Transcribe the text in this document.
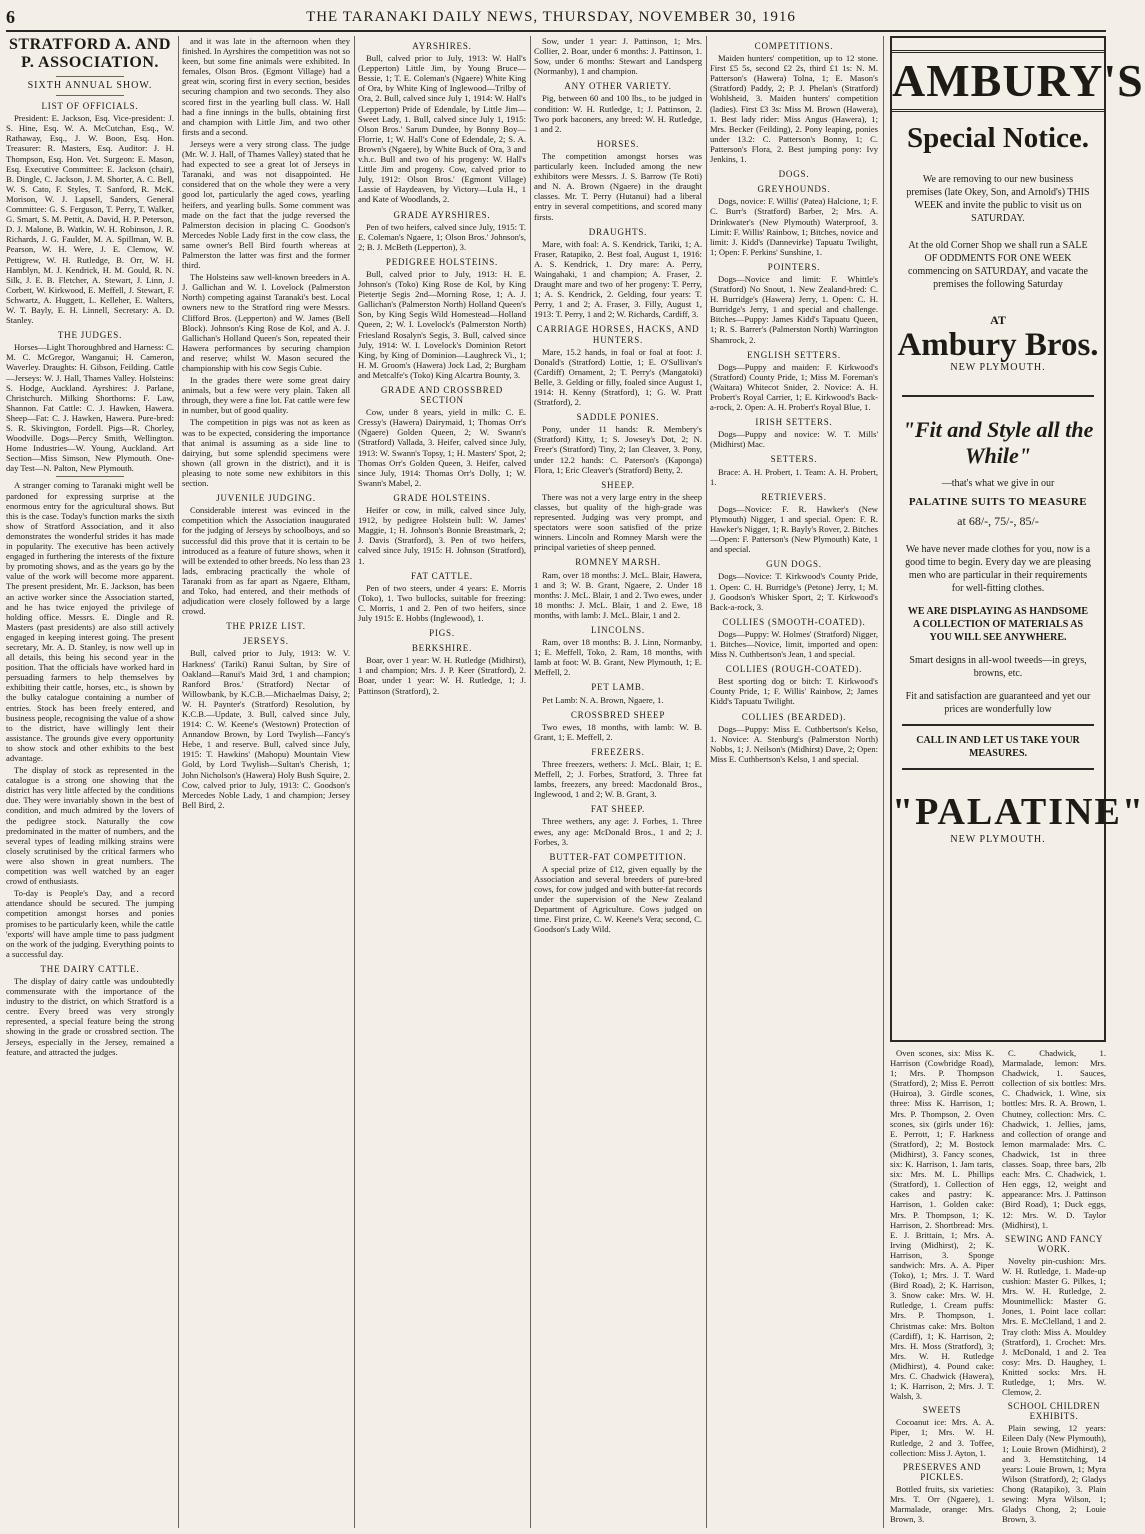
6	THE TARANAKI DAILY NEWS, THURSDAY, NOVEMBER 30, 1916
STRATFORD A. AND P. ASSOCIATION.
SIXTH ANNUAL SHOW.
LIST OF OFFICIALS.

President: E. Jackson, Esq. Vice-president: J. S. Hine, Esq. W. A. McCutchan, Esq., W. Rathaway, Esq., J. W. Boon, Esq. Hon. Treasurer: R. Masters, Esq. Auditor: J. H. Thompson, Esq. Hon. Vet. Surgeon: E. Mason, Esq. Executive Committee: E. Jackson (chair), B. Dingle, C. Jackson, J. M. Shorter, A. C. Bell, W. S. Cato, F. Styles, T. Sanford, R. McK. Morison, W. J. Lapsell, Sanders, General Committee: G. S. Ferguson, T. Perry, T. Walker, G. Smart, S. M. Pettit, A. David, H. P. Peterson, D. J. Malone, B. Watkin, W. H. Robinson, J. R. Richards, J. G. Faulder, M. A. Spillman, W. B. Pearson, W. H. Were, J. E. Clemow, W. Pettigrew, W. H. Rutledge, B. Orr, W. H. Hamblyn, M. J. Kendrick, H. M. Gould, R. N. Silk, J. E. B. Fletcher, A. Stewart, J. Linn, J. Corbett, W. Kirkwood, E. Meffell, J. Stewart, F. Schwartz, A. Huggett, L. Kelleher, E. Walters, W. T. Bayly, E. H. Linnell, Secretary: A. D. Stanley.

THE JUDGES.

Horses—Light Thoroughbred and Harness: C. M. C. McGregor, Wanganui; H. Cameron, Waverley. Draughts: H. Gibson, Feilding. Cattle—Jerseys: W. J. Hall, Thames Valley. Holsteins: S. Hodge, Auckland. Ayrshires: J. Parlane, Christchurch. Milking Shorthorns: F. Law, Shannon. Fat Cattle: C. J. Hawken, Hawera. Sheep—Fat: C. J. Hawken, Hawera. Pure-bred: S. R. Skivington, Fordell. Pigs—R. Chorley, Woodville. Dogs—Percy Smith, Wellington. Home Industries—W. Young, Auckland. Art Section—Miss Simson, New Plymouth. One-day Test—N. Palton, New Plymouth.

A stranger coming to Taranaki might well be pardoned for expressing surprise at the enormous entry for the agricultural shows. But this is the case. Today's function marks the sixth show of Stratford Association, and it also demonstrates the wonderful strides it has made in popularity. The executive has been actively engaged in furthering the interests of the fixture by promoting shows, and as the years go by the value of the work will become more apparent. The present president, Mr. E. Jackson, has been an active worker since the Association started, and he has twice enjoyed the privilege of holding office. Messrs. E. Dingle and R. Masters (past presidents) are also still actively engaged in keeping interest going. The present secretary, Mr. A. D. Stanley, is now well up in all details, this being his second year in the position. That the officials have worked hard in persuading farmers to help themselves by exhibiting their cattle, horses, etc., is shown by the bulky catalogue containing a number of entries. Stock has been freely entered, and business people, recognising the value of a show to the district, have willingly lent their assistance. The grounds give every opportunity to show stock and other exhibits to the best advantage.

The display of stock as represented in the catalogue is a strong one showing that the district has very little affected by the conditions due. They were invariably shown in the best of condition, and much admired by the lovers of the pedigree stock. Naturally the cow predominated in the matter of numbers, and the several types of leading milking strains were closely scrutinised by the critical farmers who were also shown in great numbers. The competition was well watched by an eager crowd of enthusiasts.

To-day is People's Day, and a record attendance should be secured. The jumping competition amongst horses and ponies promises to be particularly keen, while the cattle 'exports' will have ample time to pass judgment on the work of the judging. Everything points to a successful day.

THE DAIRY CATTLE.

The display of dairy cattle was undoubtedly commensurate with the importance of the industry to the district, on which Stratford is a centre. Every breed was very strongly represented, a special feature being the strong showing in the grade or crossbred section. The Jerseys, especially in the Jersey, remained a feature, and attracted the judges.

and it was late in the afternoon when they finished. In Ayrshires the competition was not so keen, but some fine animals were exhibited. In females, Olson Bros. (Egmont Village) had a great win, scoring first in every section, besides securing champion and two seconds. They also scored first in the yearling bull class. W. Hall had a fine innings in the bulls, obtaining first and champion with Little Jim, and two other firsts and a second.

Jerseys were a very strong class. The judge (Mr. W. J. Hall, of Thames Valley) stated that he had expected to see a great lot of Jerseys in Taranaki, and was not disappointed. He considered that on the whole they were a very good lot, particularly the aged cows, yearling heifers, and yearling bulls. Some comment was made on the fact that the judge reversed the Palmerston decision in placing C. Goodson's Mercedes Noble Lady first in the cow class, the same owner's Bell Bird fourth whereas at Palmerston the latter was first and the former third.

The Holsteins saw well-known breeders in A. J. Gallichan and W. I. Lovelock (Palmerston North) competing against Taranaki's best. Local owners new to the Stratford ring were Messrs. Clifford Bros. (Lepperton) and W. James (Bell Block). Johnson's King Rose de Kol, and A. J. Gallichan's Holland Queen's Son, repeated their Hawera performances by securing champion and reserve; whilst W. Mason secured the championship with his cow Segis Cubie.

In the grades there were some great dairy animals, but a few were very plain. Taken all through, they were a fine lot. Fat cattle were few in number, but of good quality.

The competition in pigs was not as keen as was to be expected, considering the importance that animal is assuming as a side line to dairying, but some splendid specimens were shown (all grown in the district), and it is pleasing to note some new exhibitors in this section.

JUVENILE JUDGING.

Considerable interest was evinced in the competition which the Association inaugurated for the judging of Jerseys by schoolboys, and so successful did this prove that it is certain to be introduced as a feature of future shows, when it will be extended to other breeds. No less than 23 lads, embracing practically the whole of Taranaki from as far apart as Ngaere, Eltham, and Toko, had entered, and their methods of adjudication were closely followed by a large crowd.

THE PRIZE LIST.
JERSEYS.

Bull, calved prior to July, 1913: W. V. Harkness' (Tariki) Ranui Sultan, by Sire of Oakland—Ranui's Maid 3rd, 1 and champion; Ranford Bros.' (Stratford) Nectar of Willowbank, by K.C.B.—Michaelmas Daisy, 2; W. H. Paynter's (Stratford) Resolution, by K.C.B.—Update, 3. Bull, calved since July, 1914: C. W. Keene's (Westown) Protection of Annandow Brown, by Lord Twylish—Fancy's Hebe, 1 and reserve. Bull, calved since July, 1915: T. Hawkins' (Mahopu) Mountain View Gold, by Lord Twylish—Sultan's Cherish, 1; John Nicholson's (Hawera) Holy Bush Squire, 2. Cow, calved prior to July, 1913: C. Goodson's Mercedes Noble Lady, 1 and champion; Jersey Bell Bird, 2.

AYRSHIRES.

Bull, calved prior to July, 1913: W. Hall's (Lepperton) Little Jim, by Young Bruce—Bessie, 1; T. E. Coleman's (Ngaere) White King of Ora, by White King of Inglewood—Trilby of Ora, 2. Bull, calved since July 1, 1914: W. Hall's (Lepperton) Pride of Edendale, by Little Jim—Sweet Lady, 1. Bull, calved since July 1, 1915: Olson Bros.' Sarum Dundee, by Bonny Boy—Florrie, 1; W. Hall's Cone of Edendale, 2; S. A. Brown's (Ngaere), by White Buck of Ora, 3 and v.h.c. Bull and two of his progeny: W. Hall's Little Jim and progeny. Cow, calved prior to July, 1912: Olson Bros.' (Egmont Village) Lassie of Haydeaven, by Victory—Lula H., 1 and Kate of Woodlands, 2.

GRADE AYRSHIRES.

Pen of two heifers, calved since July, 1915: T. E. Coleman's Ngaere, 1; Olson Bros.' Johnson's, 2; B. J. McBeth (Lepperton), 3.

PEDIGREE HOLSTEINS.

Bull, calved prior to July, 1913: H. E. Johnson's (Toko) King Rose de Kol, by King Pietertje Segis 2nd—Morning Rose, 1; A. J. Gallichan's (Palmerston North) Holland Queen's Son, by King Segis Wild Homestead—Holland Queen, 2; W. I. Lovelock's (Palmerston North) Friesland Rosalyn's Segis, 3. Bull, calved since July, 1914: W. I. Lovelock's Dominion Retort King, by King of Dominion—Laughreck Vi., 1; H. M. Groom's (Hawera) Jock Lad, 2; Burgham and Metcalfe's (Toko) King Alcartra Bounty, 3.

GRADE AND CROSSBRED SECTION

Cow, under 8 years, yield in milk: C. E. Cressy's (Hawera) Dairymaid, 1; Thomas Orr's (Ngaere) Golden Queen, 2; W. Swann's (Stratford) Vallada, 3. Heifer, calved since July, 1913: W. Swann's Topsy, 1; H. Masters' Spot, 2; Thomas Orr's Golden Queen, 3. Heifer, calved since July, 1914: Thomas Orr's Dolly, 1; W. Swann's Mabel, 2.

GRADE HOLSTEINS.

Heifer or cow, in milk, calved since July, 1912, by pedigree Holstein bull: W. James' Maggie, 1; H. Johnson's Bonnie Breastmark, 2; J. Davis (Stratford), 3. Pen of two heifers, calved since July, 1915: H. Johnson (Stratford), 1.

FAT CATTLE.

Pen of two steers, under 4 years: E. Morris (Toko), 1. Two bullocks, suitable for freezing: C. Morris, 1 and 2. Pen of two heifers, since July 1915: E. Hobbs (Inglewood), 1.

PIGS.
BERKSHIRE.

Boar, over 1 year: W. H. Rutledge (Midhirst), 1 and champion; Mrs. J. P. Keer (Stratford), 2. Boar, under 1 year: W. H. Rutledge, 1; J. Pattinson (Stratford), 2.

Sow, under 1 year: J. Pattinson, 1; Mrs. Collier, 2. Boar, under 6 months: J. Pattinson, 1. Sow, under 6 months: Stewart and Landsperg (Normanby), 1 and champion.

ANY OTHER VARIETY.

Pig, between 60 and 100 lbs., to be judged in condition: W. H. Rutledge, 1; J. Pattinson, 2. Two pork baconers, any breed: W. H. Rutledge, 1 and 2.

HORSES.

The competition amongst horses was particularly keen. Included among the new exhibitors were Messrs. J. S. Barrow (Te Roti) and N. A. Brown (Ngaere) in the draught classes. Mr. T. Perry (Hutanui) had a liberal entry in several competitions, and scored many firsts.

DRAUGHTS.

Mare, with foal: A. S. Kendrick, Tariki, 1; A. Fraser, Ratapiko, 2. Best foal, August 1, 1916: A. S. Kendrick, 1. Dry mare: A. Perry, Waingahaki, 1 and champion; A. Fraser, 2. Draught mare and two of her progeny: T. Perry, 1; A. S. Kendrick, 2. Gelding, four years: T. Perry, 1 and 2; A. Fraser, 3. Filly, August 1, 1913: T. Perry, 1 and 2; W. Richards, Cardiff, 3.

CARRIAGE HORSES, HACKS, AND HUNTERS.

Mare, 15.2 hands, in foal or foal at foot: J. Donald's (Stratford) Lottie, 1; E. O'Sullivan's (Cardiff) Ornament, 2; T. Perry's (Mangatoki) Belle, 3. Gelding or filly, foaled since August 1, 1914: H. Kenny (Stratford), 1; G. W. Pratt (Stratford), 2.

SADDLE PONIES.

Pony, under 11 hands: R. Membery's (Stratford) Kitty, 1; S. Jowsey's Dot, 2; N. Freer's (Stratford) Tiny, 2; Ian Cleaver, 3. Pony, under 12.2 hands: C. Paterson's (Kaponga) Flora, 1; Eric Cleaver's (Stratford) Betty, 2.

SHEEP.

There was not a very large entry in the sheep classes, but quality of the high-grade was represented. Judging was very prompt, and spectators were soon satisfied of the prize winners. Lincoln and Romney Marsh were the principal varieties of sheep penned.

ROMNEY MARSH.

Ram, over 18 months: J. McL. Blair, Hawera, 1 and 3; W. B. Grant, Ngaere, 2. Under 18 months: J. McL. Blair, 1 and 2. Two ewes, under 18 months: J. McL. Blair, 1 and 2. Ewe, 18 months, with lamb: J. McL. Blair, 1 and 2.

LINCOLNS.

Ram, over 18 months: B. J. Linn, Normanby, 1; E. Meffell, Toko, 2. Ram, 18 months, with lamb at foot: W. B. Grant, New Plymouth, 1; E. Meffell, 2.

PET LAMB.

Pet Lamb: N. A. Brown, Ngaere, 1.

CROSSBRED SHEEP

Two ewes, 18 months, with lamb: W. B. Grant, 1; E. Meffell, 2.

FREEZERS.

Three freezers, wethers: J. McL. Blair, 1; E. Meffell, 2; J. Forbes, Stratford, 3. Three fat lambs, freezers, any breed: Macdonald Bros., Inglewood, 1 and 2; W. B. Grant, 3.

FAT SHEEP.

Three wethers, any age: J. Forbes, 1. Three ewes, any age: McDonald Bros., 1 and 2; J. Forbes, 3.

BUTTER-FAT COMPETITION.

A special prize of £12, given equally by the Association and several breeders of pure-bred cows, for cow judged and with butter-fat records under the supervision of the New Zealand Department of Agriculture. Cows judged on time. First prize, C. W. Keene's Vera; second, C. Goodson's Lady Wild.

COMPETITIONS.

Maiden hunters' competition, up to 12 stone. First £5 5s, second £2 2s, third £1 1s: N. M. Patterson's (Hawera) Tolna, 1; E. Mason's (Stratford) Paddy, 2; P. J. Phelan's (Stratford) Wohlsheid, 3. Maiden hunters' competition (ladies). First £3 3s: Miss M. Brown (Hawera), 1. Best lady rider: Miss Angus (Hawera), 1; Mrs. Becker (Feilding), 2. Pony leaping, ponies under 13.2: C. Patterson's Bonny, 1; C. Patterson's Flora, 2. Best jumping pony: Ivy Jenkins, 1.

DOGS.
GREYHOUNDS.

Dogs, novice: F. Willis' (Patea) Halcione, 1; F. C. Burr's (Stratford) Barber, 2; Mrs. A. Drinkwater's (New Plymouth) Waterproof, 3. Limit: F. Willis' Rainbow, 1; Bitches, novice and limit: J. Kidd's (Dannevirke) Tapuatu Twilight, 1; Open: F. Perkins' Sunshine, 1.

POINTERS.

Dogs—Novice and limit: F. Whittle's (Stratford) No Snout, 1. New Zealand-bred: C. H. Burridge's (Hawera) Jerry, 1. Open: C. H. Burridge's Jerry, 1 and special and challenge. Bitches—Puppy: James Kidd's Tapuatu Queen, 1; R. S. Barrer's (Palmerston North) Warrington Shamrock, 2.

ENGLISH SETTERS.

Dogs—Puppy and maiden: F. Kirkwood's (Stratford) County Pride, 1; Miss M. Foreman's (Waitara) Whitecot Snider, 2. Novice: A. H. Probert's Royal Carrier, 1; E. Kirkwood's Back-a-rock, 2. Open: A. H. Probert's Royal Blue, 1.

IRISH SETTERS.

Dogs—Puppy and novice: W. T. Mills' (Midhirst) Mac.

SETTERS.

Brace: A. H. Probert, 1. Team: A. H. Probert, 1.

RETRIEVERS.

Dogs—Novice: F. R. Hawker's (New Plymouth) Nigger, 1 and special. Open: F. R. Hawker's Nigger, 1; R. Bayly's Rover, 2. Bitches—Open: F. Patterson's (New Plymouth) Kate, 1 and special.

GUN DOGS.

Dogs—Novice: T. Kirkwood's County Pride, 1. Open: C. H. Burridge's (Petone) Jerry, 1; M. J. Goodson's Whisker Sport, 2; T. Kirkwood's Back-a-rock, 3.

COLLIES (SMOOTH-COATED).

Dogs—Puppy: W. Holmes' (Stratford) Nigger, 1. Bitches—Novice, limit, imported and open: Miss N. Cuthbertson's Jean, 1 and special.

COLLIES (ROUGH-COATED).

Best sporting dog or bitch: T. Kirkwood's County Pride, 1; F. Willis' Rainbow, 2; James Kidd's Tapuatu Twilight.

COLLIES (BEARDED).

Dogs—Puppy: Miss E. Cuthbertson's Kelso, 1. Novice: A. Stenburg's (Palmerston North) Nobbs, 1; J. Neilson's (Midhirst) Dave, 2; Open: Miss E. Cuthbertson's Kelso, 1 and special.

AMBURY'S
Special Notice.
We are removing to our new business premises (late Okey, Son, and Arnold's) THIS WEEK and invite the public to visit us on SATURDAY.
At the old Corner Shop we shall run a SALE OF ODDMENTS FOR ONE WEEK commencing on SATURDAY, and vacate the premises the following Saturday
AT
Ambury Bros.
NEW PLYMOUTH.
"Fit and Style all the While"
—that's what we give in our
PALATINE SUITS TO MEASURE
at 68/-, 75/-, 85/-
We have never made clothes for you, now is a good time to begin. Every day we are pleasing men who are particular in their requirements for well-fitting clothes.
WE ARE DISPLAYING AS HANDSOME A COLLECTION OF MATERIALS AS YOU WILL SEE ANYWHERE.
Smart designs in all-wool tweeds—in greys, browns, etc.
Fit and satisfaction are guaranteed and yet our prices are wonderfully low
CALL IN AND LET US TAKE YOUR MEASURES.
"PALATINE"
NEW PLYMOUTH.

Oven scones, six: Miss K. Harrison (Cowbridge Road), 1; Mrs. P. Thompson (Stratford), 2; Miss E. Perrott (Huiroa), 3. Girdle scones, three: Miss K. Harrison, 1; Mrs. P. Thompson, 2. Oven scones, six (girls under 16): E. Perrott, 1; F. Harkness (Stratford), 2; M. Bostock (Midhirst), 3. Fancy scones, six: K. Harrison, 1. Jam tarts, six: Mrs. M. L. Phillips (Stratford), 1. Collection of cakes and pastry: K. Harrison, 1. Golden cake: Mrs. P. Thompson, 1; K. Harrison, 2. Shortbread: Mrs. E. J. Brittain, 1; Mrs. A. Irving (Midhirst), 2; K. Harrison, 3. Sponge sandwich: Mrs. A. A. Piper (Toko), 1; Mrs. J. T. Ward (Bird Road), 2; K. Harrison, 3. Snow cake: Mrs. W. H. Rutledge, 1. Cream puffs: Mrs. P. Thompson, 1. Christmas cake: Mrs. Bolton (Cardiff), 1; K. Harrison, 2; Mrs. H. Moss (Stratford), 3; Mrs. W. H. Rutledge (Midhirst), 4. Pound cake: Mrs. C. Chadwick (Hawera), 1; K. Harrison, 2; Mrs. J. T. Walsh, 3.

SWEETS

Cocoanut ice: Mrs. A. A. Piper, 1; Mrs. W. H. Rutledge, 2 and 3. Toffee, collection: Miss J. Ayton, 1.

PRESERVES AND PICKLES.

Bottled fruits, six varieties: Mrs. T. Orr (Ngaere), 1. Marmalade, orange: Mrs. Brown, 3.

C. Chadwick, 1. Marmalade, lemon: Mrs. Chadwick, 1. Sauces, collection of six bottles: Mrs. C. Chadwick, 1. Wine, six bottles: Mrs. R. A. Brown, 1. Chutney, collection: Mrs. C. Chadwick, 1. Jellies, jams, and collection of orange and lemon marmalade: Mrs. C. Chadwick, 1st in three classes. Soap, three bars, 2lb each: Mrs. C. Chadwick, 1. Hen eggs, 12, weight and appearance: Mrs. J. Pattinson (Bird Road), 1; Duck eggs, 12: Mrs. W. D. Taylor (Midhirst), 1.

SEWING AND FANCY WORK.

Novelty pin-cushion: Mrs. W. H. Rutledge, 1. Made-up cushion: Master G. Pilkes, 1; Mrs. W. H. Rutledge, 2. Mountmellick: Master G. Jones, 1. Point lace collar: Mrs. E. McClelland, 1 and 2. Tray cloth: Miss A. Mouldey (Stratford), 1. Crochet: Mrs. J. McDonald, 1 and 2. Tea cosy: Mrs. D. Haughey, 1. Knitted socks: Mrs. H. Rutledge, 1; Mrs. W. Clemow, 2.

SCHOOL CHILDREN EXHIBITS.

Plain sewing, 12 years: Eileen Daly (New Plymouth), 1; Louie Brown (Midhirst), 2 and 3. Hemstitching, 14 years: Louie Brown, 1; Myra Wilson (Stratford), 2; Gladys Chong (Ratapiko), 3. Plain sewing: Myra Wilson, 1; Gladys Chong, 2; Louie Brown, 3.
